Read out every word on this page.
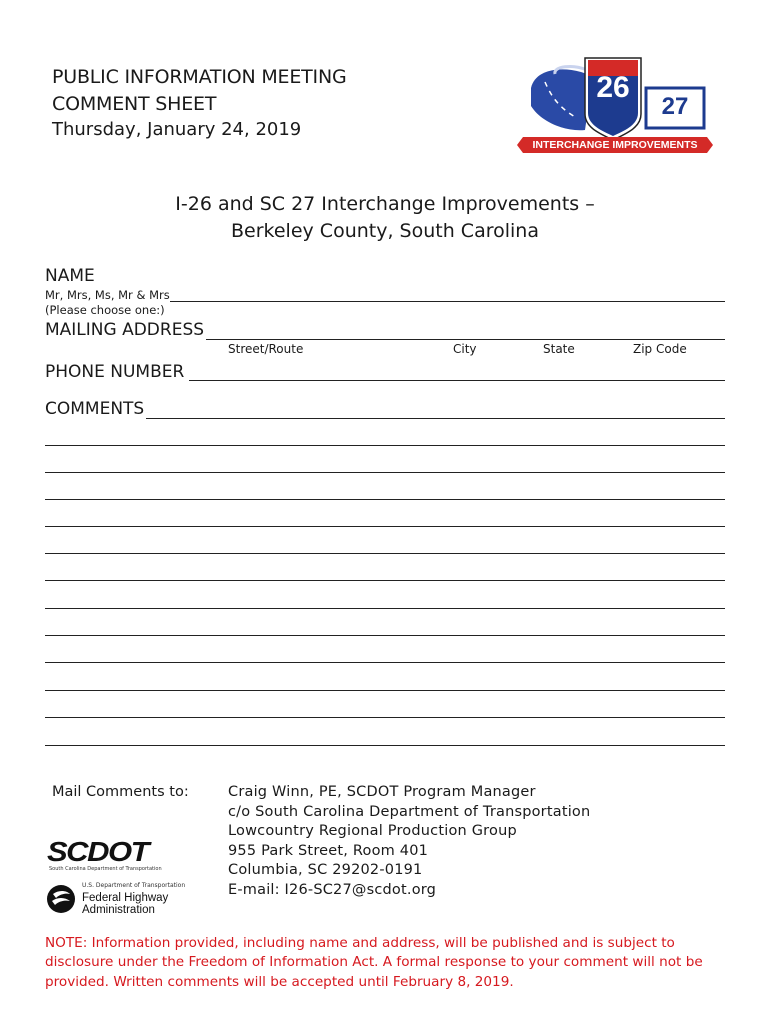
PUBLIC INFORMATION MEETING
COMMENT SHEET
Thursday, January 24, 2019
26
27
INTERCHANGE IMPROVEMENTS
I-26 and SC 27 Interchange Improvements –
Berkeley County, South Carolina
NAME
Mr, Mrs, Ms, Mr & Mrs
(Please choose one:)
MAILING ADDRESS
Street/Route	City	State	Zip Code
PHONE NUMBER
COMMENTS
Mail Comments to:	Craig Winn, PE, SCDOT Program Manager
c/o South Carolina Department of Transportation
Lowcountry Regional Production Group
955 Park Street, Room 401
Columbia, SC 29202-0191
E-mail: I26-SC27@scdot.org
SCDOT
South Carolina Department of Transportation
U.S. Department of Transportation
Federal Highway
Administration
NOTE: Information provided, including name and address, will be published and is subject to disclosure under the Freedom of Information Act. A formal response to your comment will not be provided. Written comments will be accepted until February 8, 2019.
